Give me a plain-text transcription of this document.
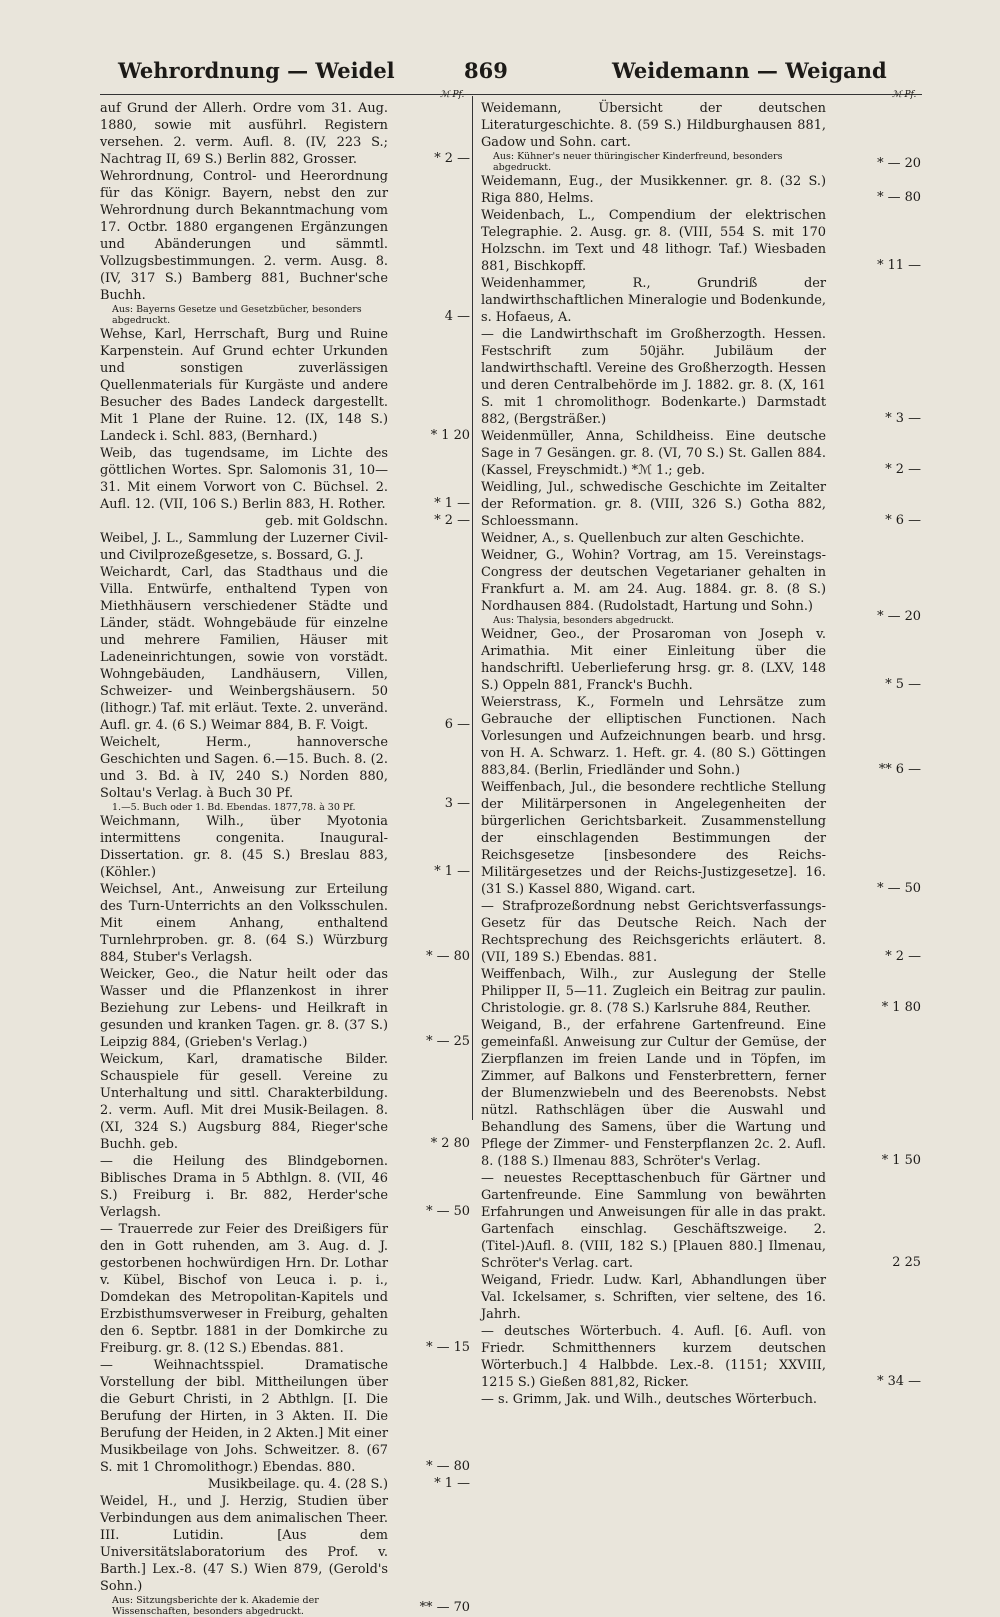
Wehrordnung — Weidel	869	Weidemann — Weigand
ℳ Pf.	ℳ Pf.
auf Grund der Allerh. Ordre vom 31. Aug. 1880, sowie mit ausführl. Registern versehen. 2. verm. Aufl. 8. (IV, 223 S.; Nachtrag II, 69 S.) Berlin 882, Grosser.	* 2 —
Wehrordnung, Control- und Heerordnung für das Königr. Bayern, nebst den zur Wehrordnung durch Bekanntmachung vom 17. Octbr. 1880 ergangenen Ergänzungen und Abänderungen und sämmtl. Vollzugsbestimmungen. 2. verm. Ausg. 8. (IV, 317 S.) Bamberg 881, Buchner'sche Buchh.
Aus: Bayerns Gesetze und Gesetzbücher, besonders abgedruckt.	4 —
Wehse, Karl, Herrschaft, Burg und Ruine Karpenstein. Auf Grund echter Urkunden und sonstigen zuverlässigen Quellenmaterials für Kurgäste und andere Besucher des Bades Landeck dargestellt. Mit 1 Plane der Ruine. 12. (IX, 148 S.) Landeck i. Schl. 883, (Bernhard.)	* 1 20
Weib, das tugendsame, im Lichte des göttlichen Wortes. Spr. Salomonis 31, 10—31. Mit einem Vorwort von C. Büchsel. 2. Aufl. 12. (VII, 106 S.) Berlin 883, H. Rother.	* 1 —
geb. mit Goldschn.	* 2 —
Weibel, J. L., Sammlung der Luzerner Civil- und Civilprozeßgesetze, s. Bossard, G. J.
Weichardt, Carl, das Stadthaus und die Villa. Entwürfe, enthaltend Typen von Miethhäusern verschiedener Städte und Länder, städt. Wohngebäude für einzelne und mehrere Familien, Häuser mit Ladeneinrichtungen, sowie von vorstädt. Wohngebäuden, Landhäusern, Villen, Schweizer- und Weinbergshäusern. 50 (lithogr.) Taf. mit erläut. Texte. 2. unveränd. Aufl. gr. 4. (6 S.) Weimar 884, B. F. Voigt.	6 —
Weichelt, Herm., hannoversche Geschichten und Sagen. 6.—15. Buch. 8. (2. und 3. Bd. à IV, 240 S.) Norden 880, Soltau's Verlag. à Buch 30 Pf.
1.—5. Buch oder 1. Bd. Ebendas. 1877,78. à 30 Pf.	3 —
Weichmann, Wilh., über Myotonia intermittens congenita. Inaugural-Dissertation. gr. 8. (45 S.) Breslau 883, (Köhler.)	* 1 —
Weichsel, Ant., Anweisung zur Erteilung des Turn-Unterrichts an den Volksschulen. Mit einem Anhang, enthaltend Turnlehrproben. gr. 8. (64 S.) Würzburg 884, Stuber's Verlagsh.	* — 80
Weicker, Geo., die Natur heilt oder das Wasser und die Pflanzenkost in ihrer Beziehung zur Lebens- und Heilkraft in gesunden und kranken Tagen. gr. 8. (37 S.) Leipzig 884, (Grieben's Verlag.)	* — 25
Weickum, Karl, dramatische Bilder. Schauspiele für gesell. Vereine zu Unterhaltung und sittl. Charakterbildung. 2. verm. Aufl. Mit drei Musik-Beilagen. 8. (XI, 324 S.) Augsburg 884, Rieger'sche Buchh. geb.	* 2 80
— die Heilung des Blindgebornen. Biblisches Drama in 5 Abthlgn. 8. (VII, 46 S.) Freiburg i. Br. 882, Herder'sche Verlagsh.	* — 50
— Trauerrede zur Feier des Dreißigers für den in Gott ruhenden, am 3. Aug. d. J. gestorbenen hochwürdigen Hrn. Dr. Lothar v. Kübel, Bischof von Leuca i. p. i., Domdekan des Metropolitan-Kapitels und Erzbisthumsverweser in Freiburg, gehalten den 6. Septbr. 1881 in der Domkirche zu Freiburg. gr. 8. (12 S.) Ebendas. 881.	* — 15
— Weihnachtsspiel. Dramatische Vorstellung der bibl. Mittheilungen über die Geburt Christi, in 2 Abthlgn. [I. Die Berufung der Hirten, in 3 Akten. II. Die Berufung der Heiden, in 2 Akten.] Mit einer Musikbeilage von Johs. Schweitzer. 8. (67 S. mit 1 Chromolithogr.) Ebendas. 880.	* — 80
Musikbeilage. qu. 4. (28 S.)	* 1 —
Weidel, H., und J. Herzig, Studien über Verbindungen aus dem animalischen Theer. III. Lutidin. [Aus dem Universitätslaboratorium des Prof. v. Barth.] Lex.-8. (47 S.) Wien 879, (Gerold's Sohn.)
Aus: Sitzungsberichte der k. Akademie der Wissenschaften, besonders abgedruckt.	** — 70
Weidemann, Übersicht der deutschen Literaturgeschichte. 8. (59 S.) Hildburghausen 881, Gadow und Sohn. cart.
Aus: Kühner's neuer thüringischer Kinderfreund, besonders abgedruckt.	* — 20
Weidemann, Eug., der Musikkenner. gr. 8. (32 S.) Riga 880, Helms.	* — 80
Weidenbach, L., Compendium der elektrischen Telegraphie. 2. Ausg. gr. 8. (VIII, 554 S. mit 170 Holzschn. im Text und 48 lithogr. Taf.) Wiesbaden 881, Bischkopff.	* 11 —
Weidenhammer, R., Grundriß der landwirthschaftlichen Mineralogie und Bodenkunde, s. Hofaeus, A.
— die Landwirthschaft im Großherzogth. Hessen. Festschrift zum 50jähr. Jubiläum der landwirthschaftl. Vereine des Großherzogth. Hessen und deren Centralbehörde im J. 1882. gr. 8. (X, 161 S. mit 1 chromolithogr. Bodenkarte.) Darmstadt 882, (Bergsträßer.)	* 3 —
Weidenmüller, Anna, Schildheiss. Eine deutsche Sage in 7 Gesängen. gr. 8. (VI, 70 S.) St. Gallen 884. (Kassel, Freyschmidt.) *ℳ 1.; geb.	* 2 —
Weidling, Jul., schwedische Geschichte im Zeitalter der Reformation. gr. 8. (VIII, 326 S.) Gotha 882, Schloessmann.	* 6 —
Weidner, A., s. Quellenbuch zur alten Geschichte.
Weidner, G., Wohin? Vortrag, am 15. Vereinstags-Congress der deutschen Vegetarianer gehalten in Frankfurt a. M. am 24. Aug. 1884. gr. 8. (8 S.) Nordhausen 884. (Rudolstadt, Hartung und Sohn.)
Aus: Thalysia, besonders abgedruckt.	* — 20
Weidner, Geo., der Prosaroman von Joseph v. Arimathia. Mit einer Einleitung über die handschriftl. Ueberlieferung hrsg. gr. 8. (LXV, 148 S.) Oppeln 881, Franck's Buchh.	* 5 —
Weierstrass, K., Formeln und Lehrsätze zum Gebrauche der elliptischen Functionen. Nach Vorlesungen und Aufzeichnungen bearb. und hrsg. von H. A. Schwarz. 1. Heft. gr. 4. (80 S.) Göttingen 883,84. (Berlin, Friedländer und Sohn.)	** 6 —
Weiffenbach, Jul., die besondere rechtliche Stellung der Militärpersonen in Angelegenheiten der bürgerlichen Gerichtsbarkeit. Zusammenstellung der einschlagenden Bestimmungen der Reichsgesetze [insbesondere des Reichs-Militärgesetzes und der Reichs-Justizgesetze]. 16. (31 S.) Kassel 880, Wigand. cart.	* — 50
— Strafprozeßordnung nebst Gerichtsverfassungs-Gesetz für das Deutsche Reich. Nach der Rechtsprechung des Reichsgerichts erläutert. 8. (VII, 189 S.) Ebendas. 881.	* 2 —
Weiffenbach, Wilh., zur Auslegung der Stelle Philipper II, 5—11. Zugleich ein Beitrag zur paulin. Christologie. gr. 8. (78 S.) Karlsruhe 884, Reuther.	* 1 80
Weigand, B., der erfahrene Gartenfreund. Eine gemeinfaßl. Anweisung zur Cultur der Gemüse, der Zierpflanzen im freien Lande und in Töpfen, im Zimmer, auf Balkons und Fensterbrettern, ferner der Blumenzwiebeln und des Beerenobsts. Nebst nützl. Rathschlägen über die Auswahl und Behandlung des Samens, über die Wartung und Pflege der Zimmer- und Fensterpflanzen 2c. 2. Aufl. 8. (188 S.) Ilmenau 883, Schröter's Verlag.	* 1 50
— neuestes Recepttaschenbuch für Gärtner und Gartenfreunde. Eine Sammlung von bewährten Erfahrungen und Anweisungen für alle in das prakt. Gartenfach einschlag. Geschäftszweige. 2. (Titel-)Aufl. 8. (VIII, 182 S.) [Plauen 880.] Ilmenau, Schröter's Verlag. cart.	2 25
Weigand, Friedr. Ludw. Karl, Abhandlungen über Val. Ickelsamer, s. Schriften, vier seltene, des 16. Jahrh.
— deutsches Wörterbuch. 4. Aufl. [6. Aufl. von Friedr. Schmitthenners kurzem deutschen Wörterbuch.] 4 Halbbde. Lex.-8. (1151; XXVIII, 1215 S.) Gießen 881,82, Ricker.	* 34 —
— s. Grimm, Jak. und Wilh., deutsches Wörterbuch.
